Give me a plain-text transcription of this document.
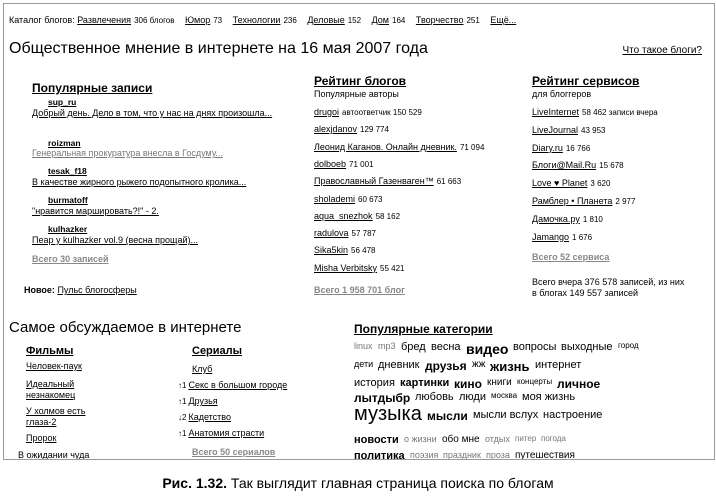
Каталог блогов: Развлечения 306 блогов Юмор 73 Технологии 236 Деловые 152 Дом 164 Творчество 251 Ещё...
Общественное мнение в интернете на 16 мая 2007 года	Что такое блоги?
Популярные записи
sup_ru
Добрый день. Дело в том, что у нас на днях произошла...
roizman
Генеральная прокуратура внесла в Госдуму...
tesak_f18
В качестве жирного рыжего подопытного кролика...
burmatoff
"нравится маршировать?!" - 2.
kulhazker
Пеар у kulhazker vol.9 (весна прощай)...
Всего 30 записей
Новое: Пульс блогосферы
Рейтинг блогов
Популярные авторы
Всего 1 958 701 блог
Рейтинг сервисов
для блоггеров
Всего 52 сервиса
Всего вчера 376 578 записей, из них
в блогах 149 557 записей
Самое обсуждаемое в интернете
Фильмы
Человек-паук
Идеальный
незнакомец
У холмов есть
глаза-2
Пророк
В ожидании чуда
Сериалы
Клуб
↑1 Секс в большом городе
↑1 Друзья
↓2 Кадетство
↑1 Анатомия страсти
Всего 50 сериалов
Популярные категории
drugoi автоответчик 150 529
alexjdanov 129 774
Леонид Каганов. Онлайн дневник. 71 094
dolboeb 71 001
Православный Газенваген™ 61 663
sholademi 60 673
aqua_snezhok 58 162
radulova 57 787
Sika5kin 56 478
Misha Verbitsky 55 421
LiveInternet 58 462 записи вчера
LiveJournal 43 953
Diary.ru 16 766
Блоги@Mail.Ru 15 678
Love ♥ Planet 3 620
Рамблер • Планета 2 977
Дамочка.ру 1 810
Jamango 1 676
linux mp3 бред весна видео вопросы выходные город
дети дневник друзья жж жизнь интернет
история картинки кино книги концерты личное
лытдыбр любовь люди москва моя жизнь
музыка мысли мысли вслух настроение
новости о жизни обо мне отдых питер погода
политика поэзия праздник проза путешествия
Рис. 1.32. Так выглядит главная страница поиска по блогам
